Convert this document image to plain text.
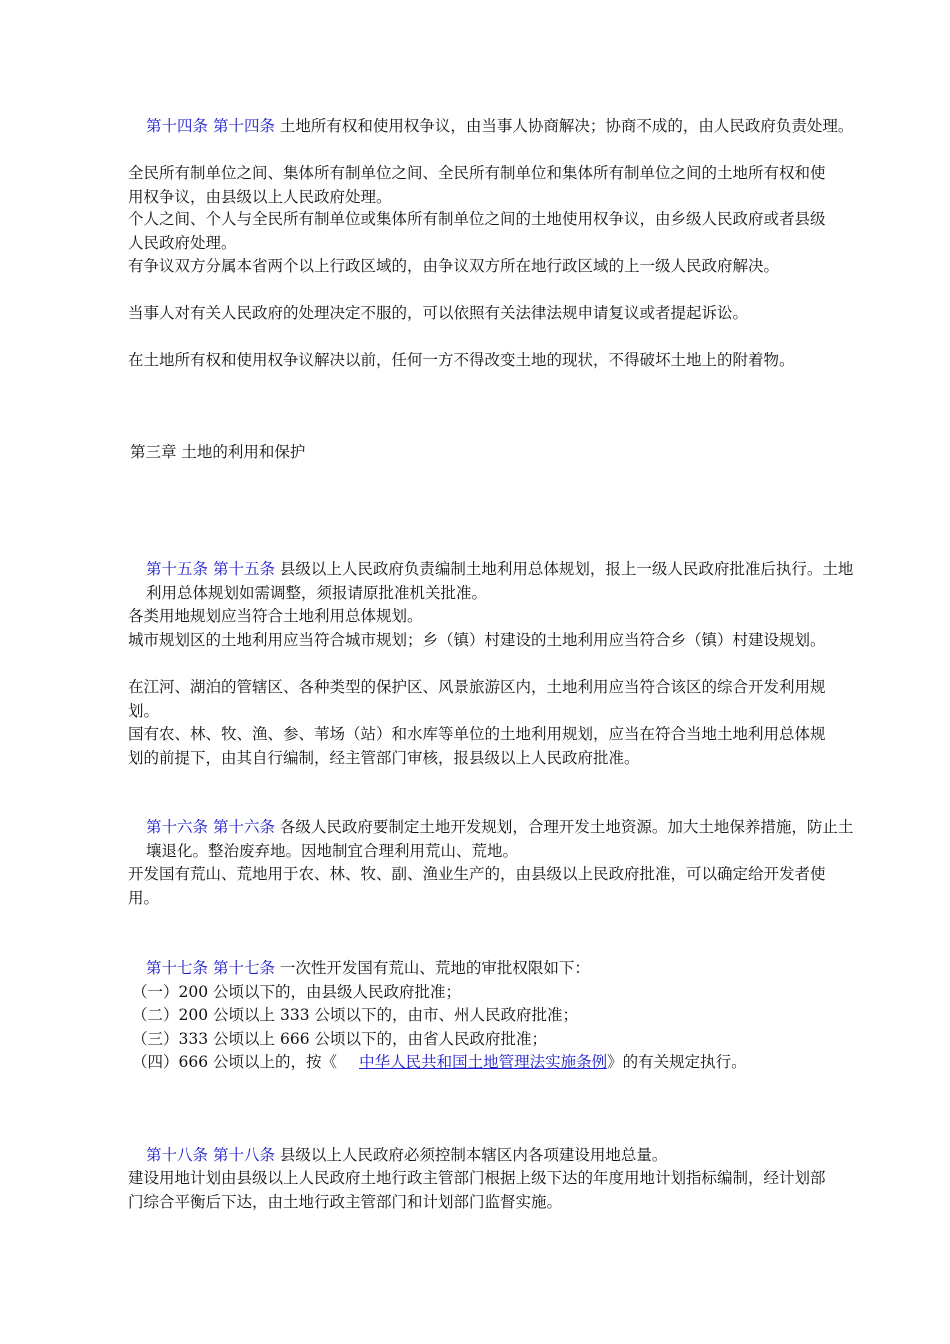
第十四条 第十四条 土地所有权和使用权争议，由当事人协商解决；协商不成的，由人民政府负责处理。

全民所有制单位之间、集体所有制单位之间、全民所有制单位和集体所有制单位之间的土地所有权和使用权争议，由县级以上人民政府处理。

个人之间、个人与全民所有制单位或集体所有制单位之间的土地使用权争议，由乡级人民政府或者县级人民政府处理。

有争议双方分属本省两个以上行政区域的，由争议双方所在地行政区域的上一级人民政府解决。

当事人对有关人民政府的处理决定不服的，可以依照有关法律法规申请复议或者提起诉讼。

在土地所有权和使用权争议解决以前，任何一方不得改变土地的现状，不得破坏土地上的附着物。

第三章 土地的利用和保护

第十五条 第十五条 县级以上人民政府负责编制土地利用总体规划，报上一级人民政府批准后执行。土地利用总体规划如需调整，须报请原批准机关批准。

各类用地规划应当符合土地利用总体规划。

城市规划区的土地利用应当符合城市规划；乡（镇）村建设的土地利用应当符合乡（镇）村建设规划。

在江河、湖泊的管辖区、各种类型的保护区、风景旅游区内，土地利用应当符合该区的综合开发利用规划。

国有农、林、牧、渔、参、苇场（站）和水库等单位的土地利用规划，应当在符合当地土地利用总体规划的前提下，由其自行编制，经主管部门审核，报县级以上人民政府批准。

第十六条 第十六条 各级人民政府要制定土地开发规划，合理开发土地资源。加大土地保养措施，防止土壤退化。整治废弃地。因地制宜合理利用荒山、荒地。

开发国有荒山、荒地用于农、林、牧、副、渔业生产的，由县级以上民政府批准，可以确定给开发者使用。

第十七条 第十七条 一次性开发国有荒山、荒地的审批权限如下：

（一）200 公顷以下的，由县级人民政府批准；

（二）200 公顷以上 333 公顷以下的，由市、州人民政府批准；

（三）333 公顷以上 666 公顷以下的，由省人民政府批准；

（四）666 公顷以上的，按《 中华人民共和国土地管理法实施条例》的有关规定执行。

第十八条 第十八条 县级以上人民政府必须控制本辖区内各项建设用地总量。

建设用地计划由县级以上人民政府土地行政主管部门根据上级下达的年度用地计划指标编制，经计划部门综合平衡后下达，由土地行政主管部门和计划部门监督实施。
